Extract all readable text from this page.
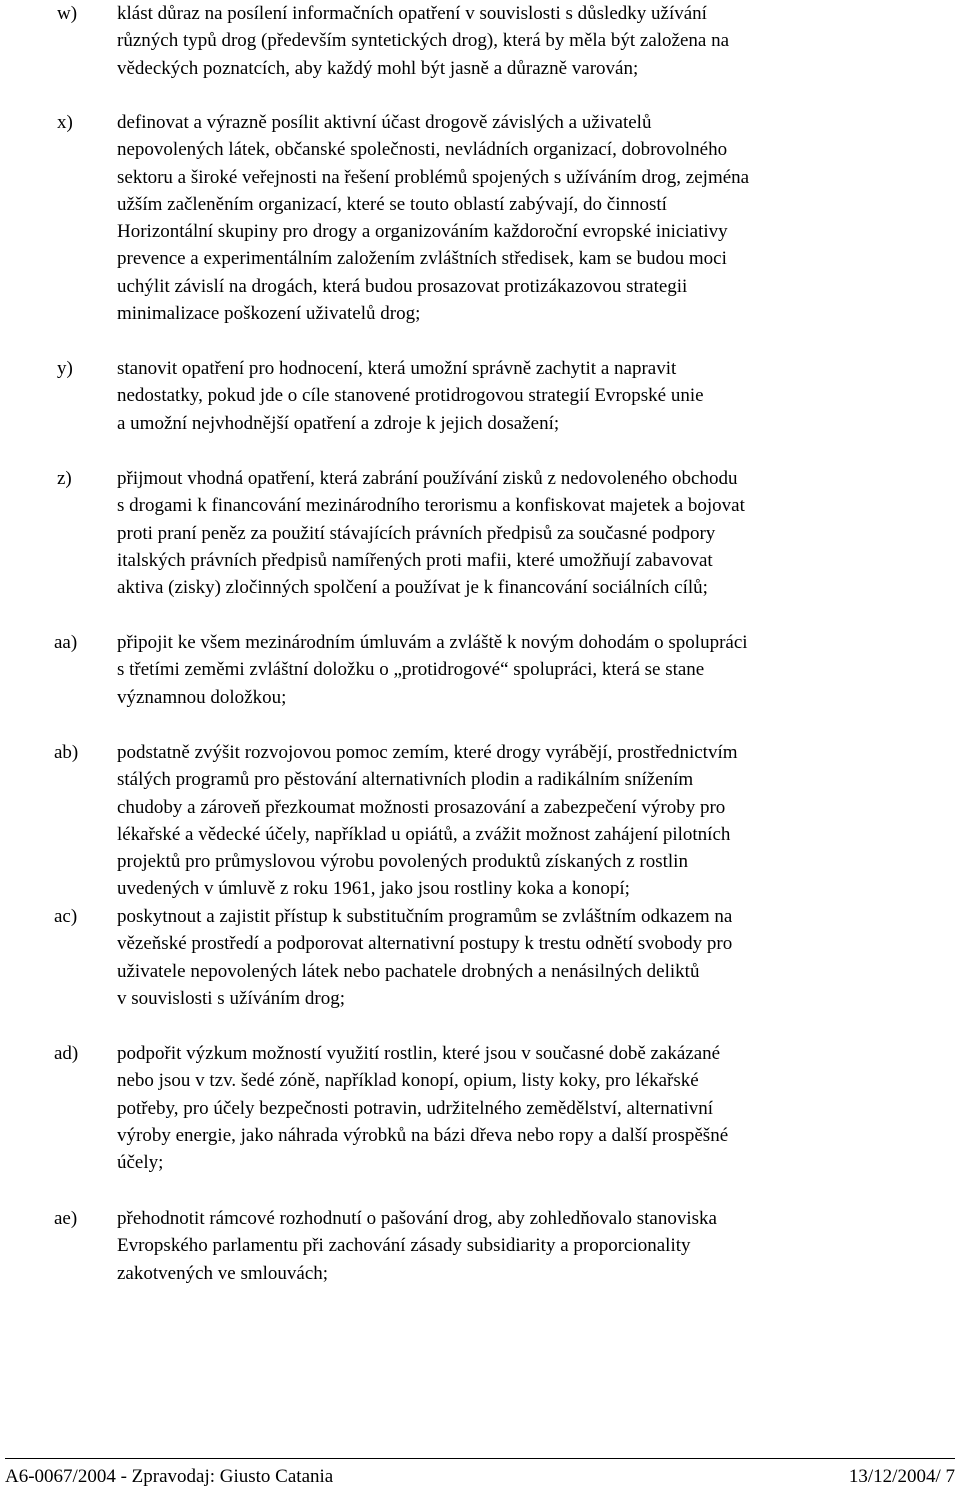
w) klást důraz na posílení informačních opatření v souvislosti s důsledky užívání
různých typů drog (především syntetických drog), která by měla být založena na
vědeckých poznatcích, aby každý mohl být jasně a důrazně varován;
x) definovat a výrazně posílit aktivní účast drogově závislých a uživatelů
nepovolených látek, občanské společnosti, nevládních organizací, dobrovolného
sektoru a široké veřejnosti na řešení problémů spojených s užíváním drog, zejména
užším začleněním organizací, které se touto oblastí zabývají, do činností
Horizontální skupiny pro drogy a organizováním každoroční evropské iniciativy
prevence a experimentálním založením zvláštních středisek, kam se budou moci
uchýlit závislí na drogách, která budou prosazovat protizákazovou strategii
minimalizace poškození uživatelů drog;
y) stanovit opatření pro hodnocení, která umožní správně zachytit a napravit
nedostatky, pokud jde o cíle stanovené protidrogovou strategií Evropské unie
a umožní nejvhodnější opatření a zdroje k jejich dosažení;
z) přijmout vhodná opatření, která zabrání používání zisků z nedovoleného obchodu
s drogami k financování mezinárodního terorismu a konfiskovat majetek a bojovat
proti praní peněz za použití stávajících právních předpisů za současné podpory
italských právních předpisů namířených proti mafii, které umožňují zabavovat
aktiva (zisky) zločinných spolčení a používat je k financování sociálních cílů;
aa) připojit ke všem mezinárodním úmluvám a zvláště k novým dohodám o spolupráci
s třetími zeměmi zvláštní doložku o „protidrogové“ spolupráci, která se stane
významnou doložkou;
ab) podstatně zvýšit rozvojovou pomoc zemím, které drogy vyrábějí, prostřednictvím
stálých programů pro pěstování alternativních plodin a radikálním snížením
chudoby a zároveň přezkoumat možnosti prosazování a zabezpečení výroby pro
lékařské a vědecké účely, například u opiátů, a zvážit možnost zahájení pilotních
projektů pro průmyslovou výrobu povolených produktů získaných z rostlin
uvedených v úmluvě z roku 1961, jako jsou rostliny koka a konopí;
ac) poskytnout a zajistit přístup k substitučním programům se zvláštním odkazem na
vězeňské prostředí a podporovat alternativní postupy k trestu odnětí svobody pro
uživatele nepovolených látek nebo pachatele drobných a nenásilných deliktů
v souvislosti s užíváním drog;
ad) podpořit výzkum možností využití rostlin, které jsou v současné době zakázané
nebo jsou v tzv. šedé zóně, například konopí, opium, listy koky, pro lékařské
potřeby, pro účely bezpečnosti potravin, udržitelného zemědělství, alternativní
výroby energie, jako náhrada výrobků na bázi dřeva nebo ropy a další prospěšné
účely;
ae) přehodnotit rámcové rozhodnutí o pašování drog, aby zohledňovalo stanoviska
Evropského parlamentu při zachování zásady subsidiarity a proporcionality
zakotvených ve smlouvách;
A6-0067/2004 - Zpravodaj: Giusto Catania	13/12/2004/ 7
